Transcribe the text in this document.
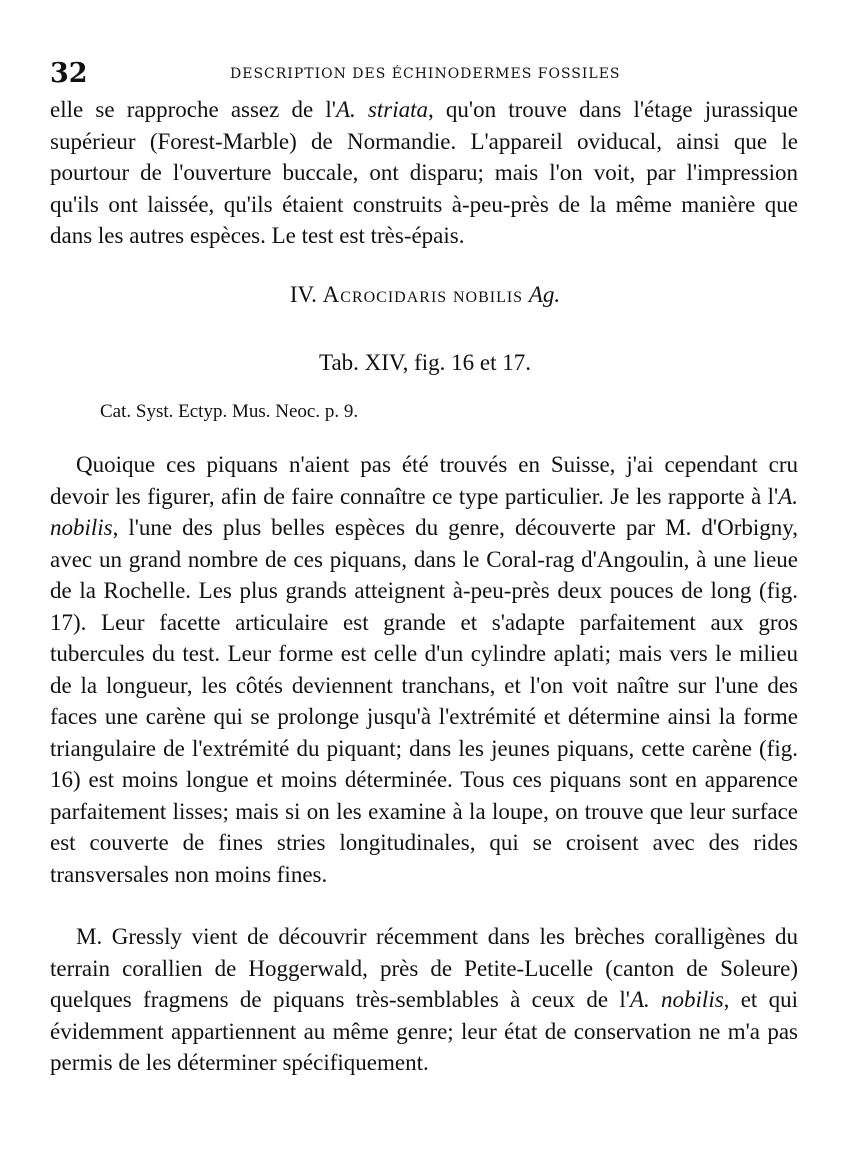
32	DESCRIPTION DES ÉCHINODERMES FOSSILES

elle se rapproche assez de l'A. striata, qu'on trouve dans l'étage jurassique supérieur (Forest-Marble) de Normandie. L'appareil oviducal, ainsi que le pourtour de l'ouverture buccale, ont disparu; mais l'on voit, par l'impression qu'ils ont laissée, qu'ils étaient construits à-peu-près de la même manière que dans les autres espèces. Le test est très-épais.

IV. Acrocidaris nobilis Ag.
Tab. XIV, fig. 16 et 17.
Cat. Syst. Ectyp. Mus. Neoc. p. 9.

Quoique ces piquans n'aient pas été trouvés en Suisse, j'ai cependant cru devoir les figurer, afin de faire connaître ce type particulier. Je les rapporte à l'A. nobilis, l'une des plus belles espèces du genre, découverte par M. d'Orbigny, avec un grand nombre de ces piquans, dans le Coral-rag d'Angoulin, à une lieue de la Rochelle. Les plus grands atteignent à-peu-près deux pouces de long (fig. 17). Leur facette articulaire est grande et s'adapte parfaitement aux gros tubercules du test. Leur forme est celle d'un cylindre aplati; mais vers le milieu de la longueur, les côtés deviennent tranchans, et l'on voit naître sur l'une des faces une carène qui se prolonge jusqu'à l'extrémité et détermine ainsi la forme triangulaire de l'extrémité du piquant; dans les jeunes piquans, cette carène (fig. 16) est moins longue et moins déterminée. Tous ces piquans sont en apparence parfaitement lisses; mais si on les examine à la loupe, on trouve que leur surface est couverte de fines stries longitudinales, qui se croisent avec des rides transversales non moins fines.

M. Gressly vient de découvrir récemment dans les brèches coralligènes du terrain corallien de Hoggerwald, près de Petite-Lucelle (canton de Soleure) quelques fragmens de piquans très-semblables à ceux de l'A. nobilis, et qui évidemment appartiennent au même genre; leur état de conservation ne m'a pas permis de les déterminer spécifiquement.
